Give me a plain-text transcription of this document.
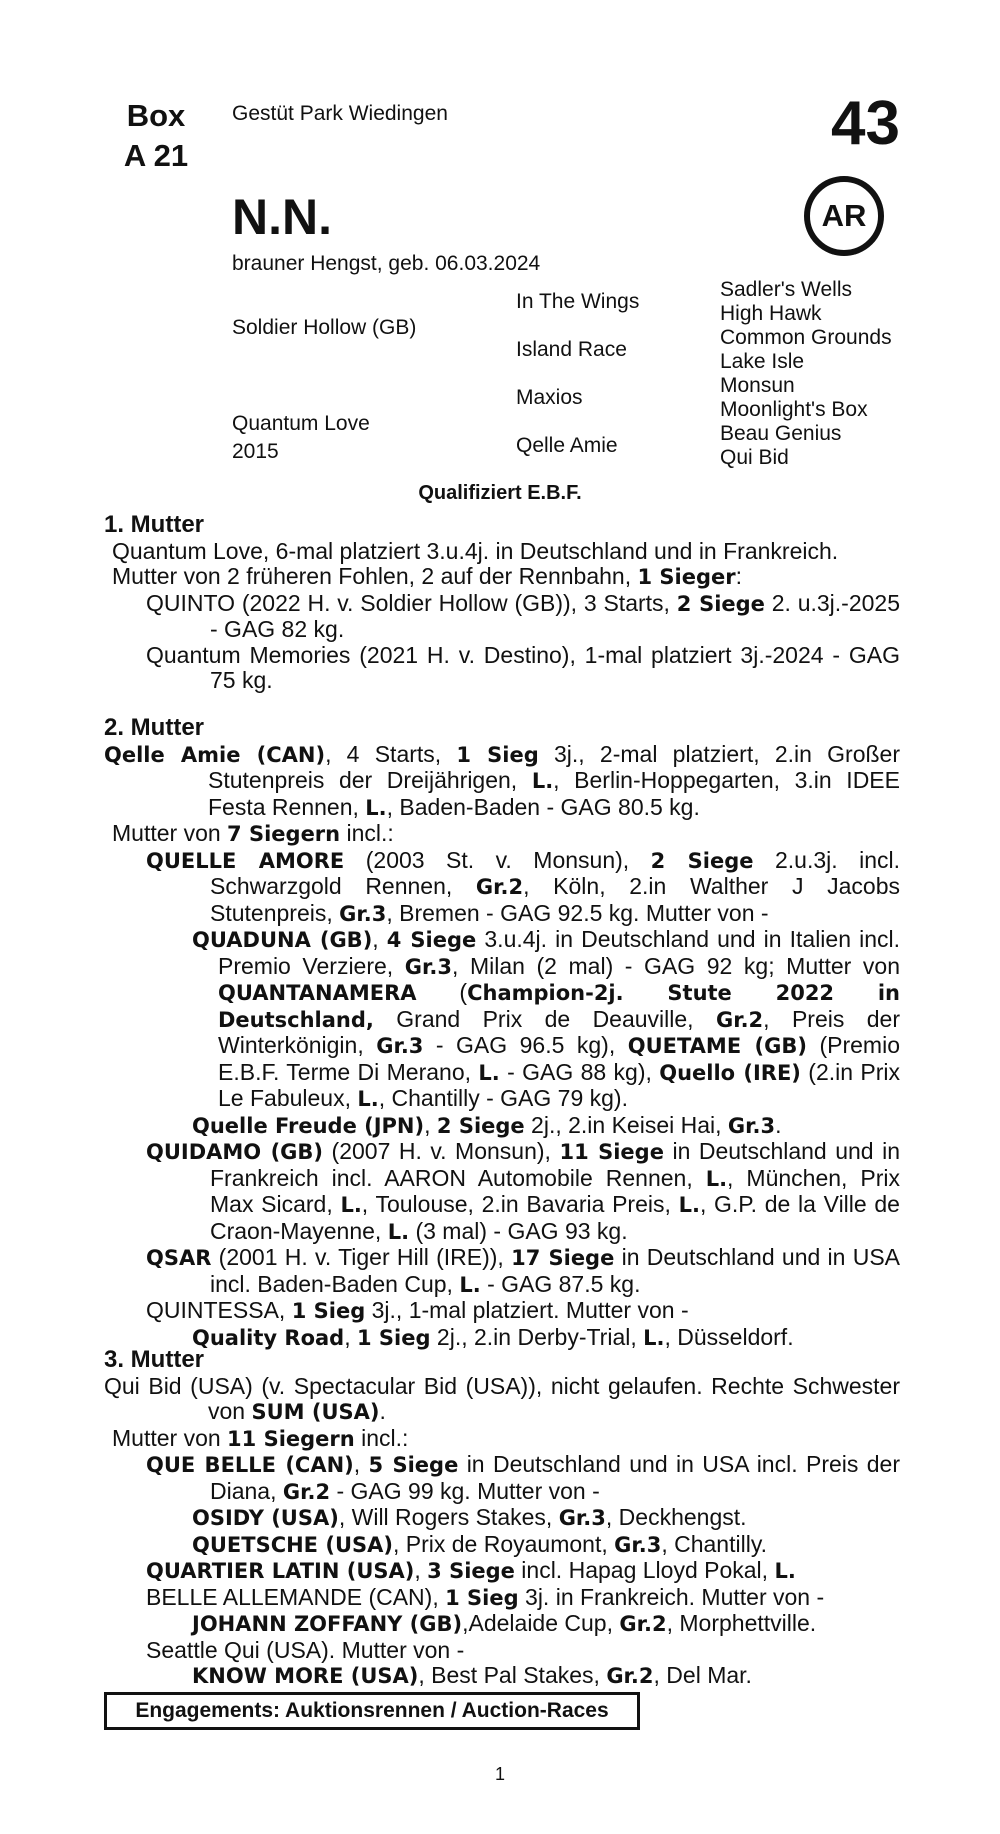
Box
A 21
Gestüt Park Wiedingen	43
N.N.	AR
brauner Hengst, geb. 06.03.2024
Soldier Hollow (GB)
Quantum Love
2015
In The Wings
Island Race
Maxios
Qelle Amie
Sadler's Wells
High Hawk
Common Grounds
Lake Isle
Monsun
Moonlight's Box
Beau Genius
Qui Bid
Qualifiziert E.B.F.
1. Mutter
Quantum Love, 6-mal platziert 3.u.4j. in Deutschland und in Frankreich.
Mutter von 2 früheren Fohlen, 2 auf der Rennbahn, 1 Sieger:
QUINTO (2022 H. v. Soldier Hollow (GB)), 3 Starts, 2 Siege 2. u.3j.-2025 - GAG 82 kg.
Quantum Memories (2021 H. v. Destino), 1-mal platziert 3j.-2024 - GAG 75 kg.
2. Mutter
Qelle Amie (CAN), 4 Starts, 1 Sieg 3j., 2-mal platziert, 2.in Großer Stutenpreis der Dreijährigen, L., Berlin-Hoppegarten, 3.in IDEE Festa Rennen, L., Baden-Baden - GAG 80.5 kg.
Mutter von 7 Siegern incl.:
QUELLE AMORE (2003 St. v. Monsun), 2 Siege 2.u.3j. incl. Schwarzgold Rennen, Gr.2, Köln, 2.in Walther J Jacobs Stutenpreis, Gr.3, Bremen - GAG 92.5 kg. Mutter von -
QUADUNA (GB), 4 Siege 3.u.4j. in Deutschland und in Italien incl. Premio Verziere, Gr.3, Milan (2 mal) - GAG 92 kg; Mutter von QUANTANAMERA (Champion-2j. Stute 2022 in Deutschland, Grand Prix de Deauville, Gr.2, Preis der Winterkönigin, Gr.3 - GAG 96.5 kg), QUETAME (GB) (Premio E.B.F. Terme Di Merano, L. - GAG 88 kg), Quello (IRE) (2.in Prix Le Fabuleux, L., Chantilly - GAG 79 kg).
Quelle Freude (JPN), 2 Siege 2j., 2.in Keisei Hai, Gr.3.
QUIDAMO (GB) (2007 H. v. Monsun), 11 Siege in Deutschland und in Frankreich incl. AARON Automobile Rennen, L., München, Prix Max Sicard, L., Toulouse, 2.in Bavaria Preis, L., G.P. de la Ville de Craon-Mayenne, L. (3 mal) - GAG 93 kg.
QSAR (2001 H. v. Tiger Hill (IRE)), 17 Siege in Deutschland und in USA incl. Baden-Baden Cup, L. - GAG 87.5 kg.
QUINTESSA, 1 Sieg 3j., 1-mal platziert. Mutter von -
Quality Road, 1 Sieg 2j., 2.in Derby-Trial, L., Düsseldorf.
3. Mutter
Qui Bid (USA) (v. Spectacular Bid (USA)), nicht gelaufen. Rechte Schwester von SUM (USA).
Mutter von 11 Siegern incl.:
QUE BELLE (CAN), 5 Siege in Deutschland und in USA incl. Preis der Diana, Gr.2 - GAG 99 kg. Mutter von -
OSIDY (USA), Will Rogers Stakes, Gr.3, Deckhengst.
QUETSCHE (USA), Prix de Royaumont, Gr.3, Chantilly.
QUARTIER LATIN (USA), 3 Siege incl. Hapag Lloyd Pokal, L.
BELLE ALLEMANDE (CAN), 1 Sieg 3j. in Frankreich. Mutter von -
JOHANN ZOFFANY (GB),Adelaide Cup, Gr.2, Morphettville.
Seattle Qui (USA). Mutter von -
KNOW MORE (USA), Best Pal Stakes, Gr.2, Del Mar.
Engagements: Auktionsrennen / Auction-Races
1
